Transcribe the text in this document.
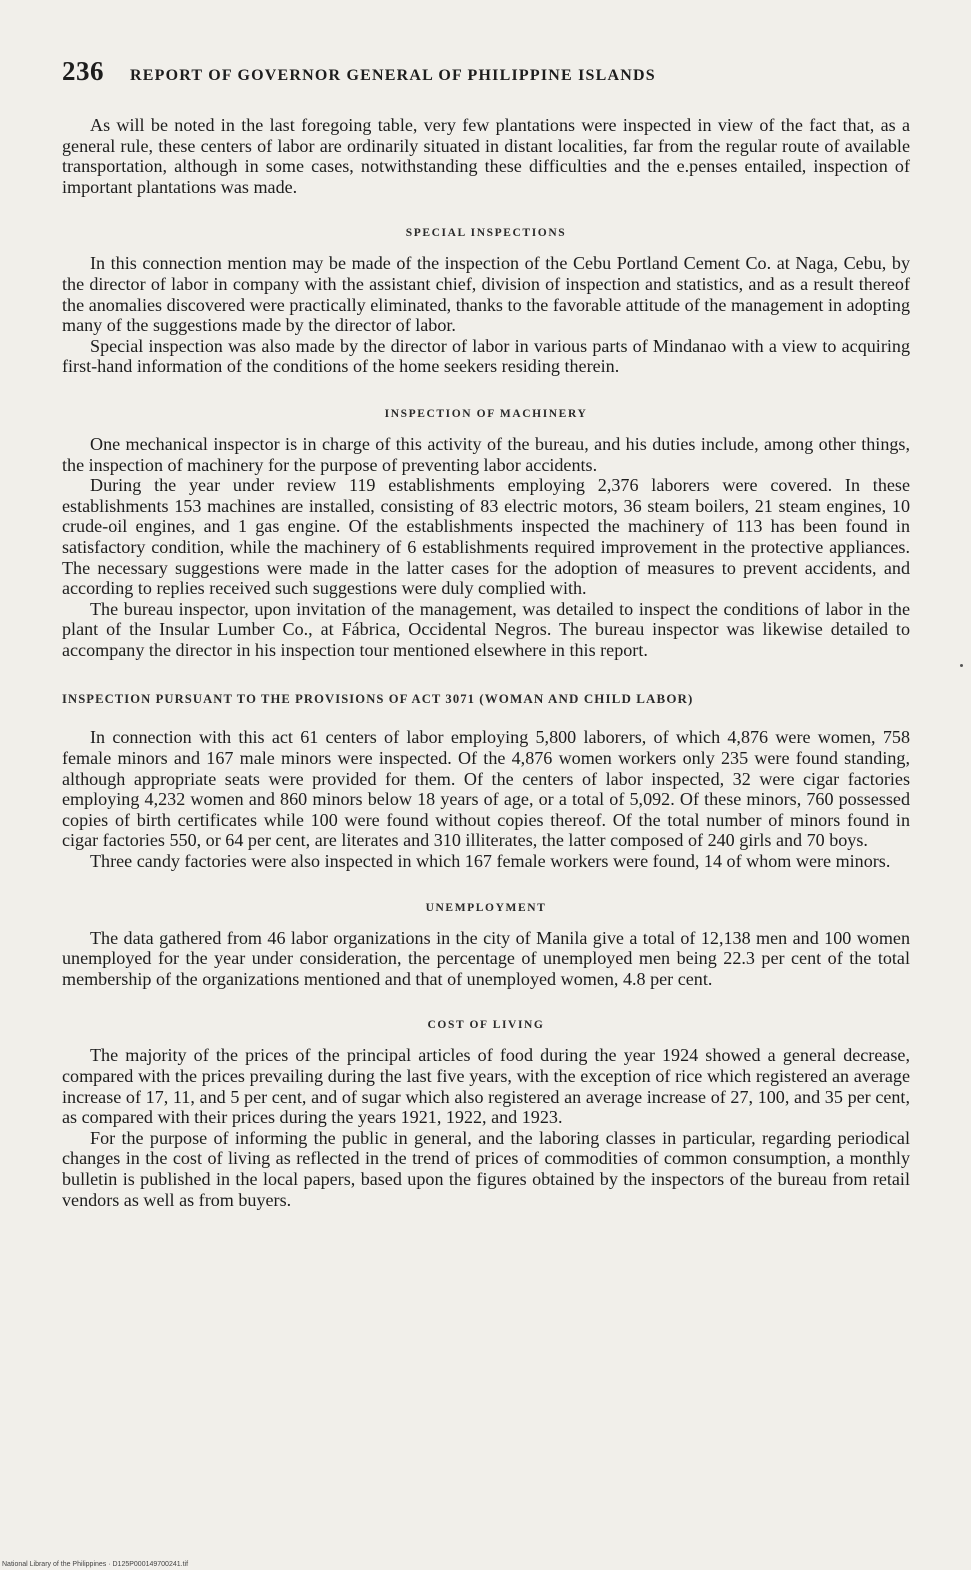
236 REPORT OF GOVERNOR GENERAL OF PHILIPPINE ISLANDS

As will be noted in the last foregoing table, very few plantations were inspected in view of the fact that, as a general rule, these centers of labor are ordinarily situated in distant localities, far from the regular route of available transportation, although in some cases, notwithstanding these difficulties and the e.penses entailed, inspection of important plantations was made.

SPECIAL INSPECTIONS

In this connection mention may be made of the inspection of the Cebu Portland Cement Co. at Naga, Cebu, by the director of labor in company with the assistant chief, division of inspection and statistics, and as a result thereof the anomalies discovered were practically eliminated, thanks to the favorable attitude of the management in adopting many of the suggestions made by the director of labor.

Special inspection was also made by the director of labor in various parts of Mindanao with a view to acquiring first-hand information of the conditions of the home seekers residing therein.

INSPECTION OF MACHINERY

One mechanical inspector is in charge of this activity of the bureau, and his duties include, among other things, the inspection of machinery for the purpose of preventing labor accidents.

During the year under review 119 establishments employing 2,376 laborers were covered. In these establishments 153 machines are installed, consisting of 83 electric motors, 36 steam boilers, 21 steam engines, 10 crude-oil engines, and 1 gas engine. Of the establishments inspected the machinery of 113 has been found in satisfactory condition, while the machinery of 6 establishments required improvement in the protective appliances. The necessary suggestions were made in the latter cases for the adoption of measures to prevent accidents, and according to replies received such suggestions were duly complied with.

The bureau inspector, upon invitation of the management, was detailed to inspect the conditions of labor in the plant of the Insular Lumber Co., at Fábrica, Occidental Negros. The bureau inspector was likewise detailed to accompany the director in his inspection tour mentioned elsewhere in this report.

INSPECTION PURSUANT TO THE PROVISIONS OF ACT 3071 (WOMAN AND CHILD LABOR)

In connection with this act 61 centers of labor employing 5,800 laborers, of which 4,876 were women, 758 female minors and 167 male minors were inspected. Of the 4,876 women workers only 235 were found standing, although appropriate seats were provided for them. Of the centers of labor inspected, 32 were cigar factories employing 4,232 women and 860 minors below 18 years of age, or a total of 5,092. Of these minors, 760 possessed copies of birth certificates while 100 were found without copies thereof. Of the total number of minors found in cigar factories 550, or 64 per cent, are literates and 310 illiterates, the latter composed of 240 girls and 70 boys.

Three candy factories were also inspected in which 167 female workers were found, 14 of whom were minors.

UNEMPLOYMENT

The data gathered from 46 labor organizations in the city of Manila give a total of 12,138 men and 100 women unemployed for the year under consideration, the percentage of unemployed men being 22.3 per cent of the total membership of the organizations mentioned and that of unemployed women, 4.8 per cent.

COST OF LIVING

The majority of the prices of the principal articles of food during the year 1924 showed a general decrease, compared with the prices prevailing during the last five years, with the exception of rice which registered an average increase of 17, 11, and 5 per cent, and of sugar which also registered an average increase of 27, 100, and 35 per cent, as compared with their prices during the years 1921, 1922, and 1923.

For the purpose of informing the public in general, and the laboring classes in particular, regarding periodical changes in the cost of living as reflected in the trend of prices of commodities of common consumption, a monthly bulletin is published in the local papers, based upon the figures obtained by the inspectors of the bureau from retail vendors as well as from buyers.

National Library of the Philippines · D125P000149700241.tif
